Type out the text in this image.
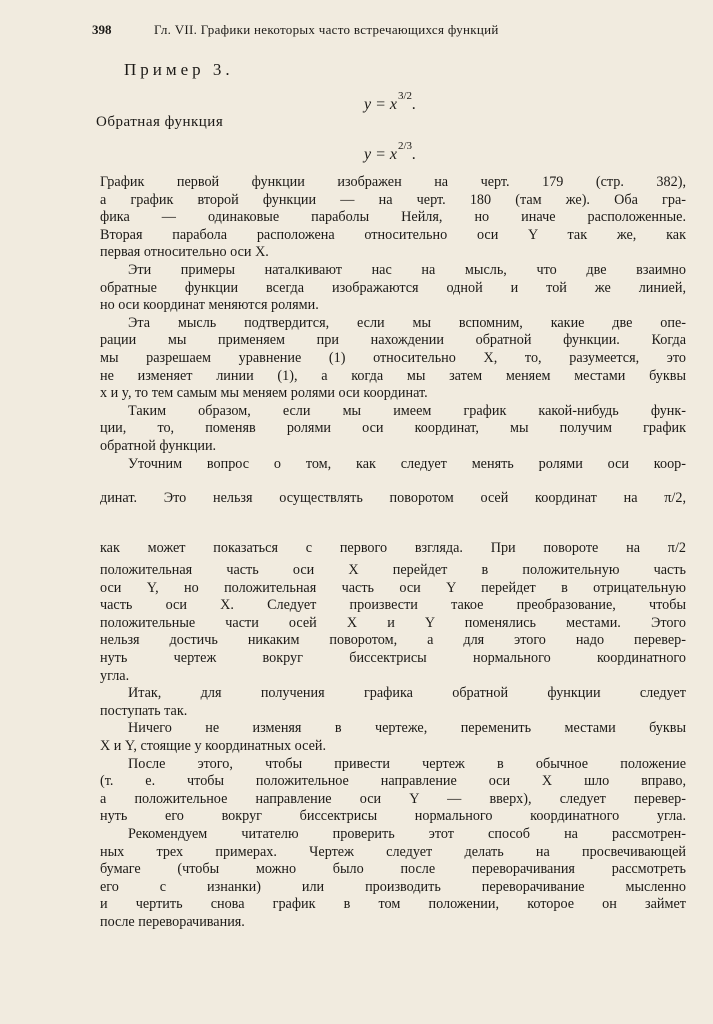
398	Гл. VII. Графики некоторых часто встречающихся функций
Пример 3.
Обратная функция
$y = x^{3/2}$.
$y = x^{2/3}$.

График первой функции изображен на черт. 179 (стр. 382),

а график второй функции — на черт. 180 (там же). Оба гра-

фика — одинаковые параболы Нейля, но иначе расположенные.

Вторая парабола расположена относительно оси Y так же, как

первая относительно оси X.

Эти примеры наталкивают нас на мысль, что две взаимно

обратные функции всегда изображаются одной и той же линией,

но оси координат меняются ролями.

Эта мысль подтвердится, если мы вспомним, какие две опе-

рации мы применяем при нахождении обратной функции. Когда

мы разрешаем уравнение (1) относительно X, то, разумеется, это

не изменяет линии (1), а когда мы затем меняем местами буквы

x и y, то тем самым мы меняем ролями оси координат.

Таким образом, если мы имеем график какой-нибудь функ-

ции, то, поменяв ролями оси координат, мы получим график

обратной функции.

Уточним вопрос о том, как следует менять ролями оси коор-

динат. Это нельзя осуществлять поворотом осей координат на π/2,
как может показаться с первого взгляда. При повороте на π/2

положительная часть оси X перейдет в положительную часть

оси Y, но положительная часть оси Y перейдет в отрицательную

часть оси X. Следует произвести такое преобразование, чтобы

положительные части осей X и Y поменялись местами. Этого

нельзя достичь никаким поворотом, а для этого надо перевер-

нуть чертеж вокруг биссектрисы нормального координатного

угла.

Итак, для получения графика обратной функции следует

поступать так.

Ничего не изменяя в чертеже, переменить местами буквы

X и Y, стоящие у координатных осей.

После этого, чтобы привести чертеж в обычное положение

(т. е. чтобы положительное направление оси X шло вправо,

а положительное направление оси Y — вверх), следует перевер-

нуть его вокруг биссектрисы нормального координатного угла.

Рекомендуем читателю проверить этот способ на рассмотрен-

ных трех примерах. Чертеж следует делать на просвечивающей

бумаге (чтобы можно было после переворачивания рассмотреть

его с изнанки) или производить переворачивание мысленно

и чертить снова график в том положении, которое он займет

после переворачивания.
